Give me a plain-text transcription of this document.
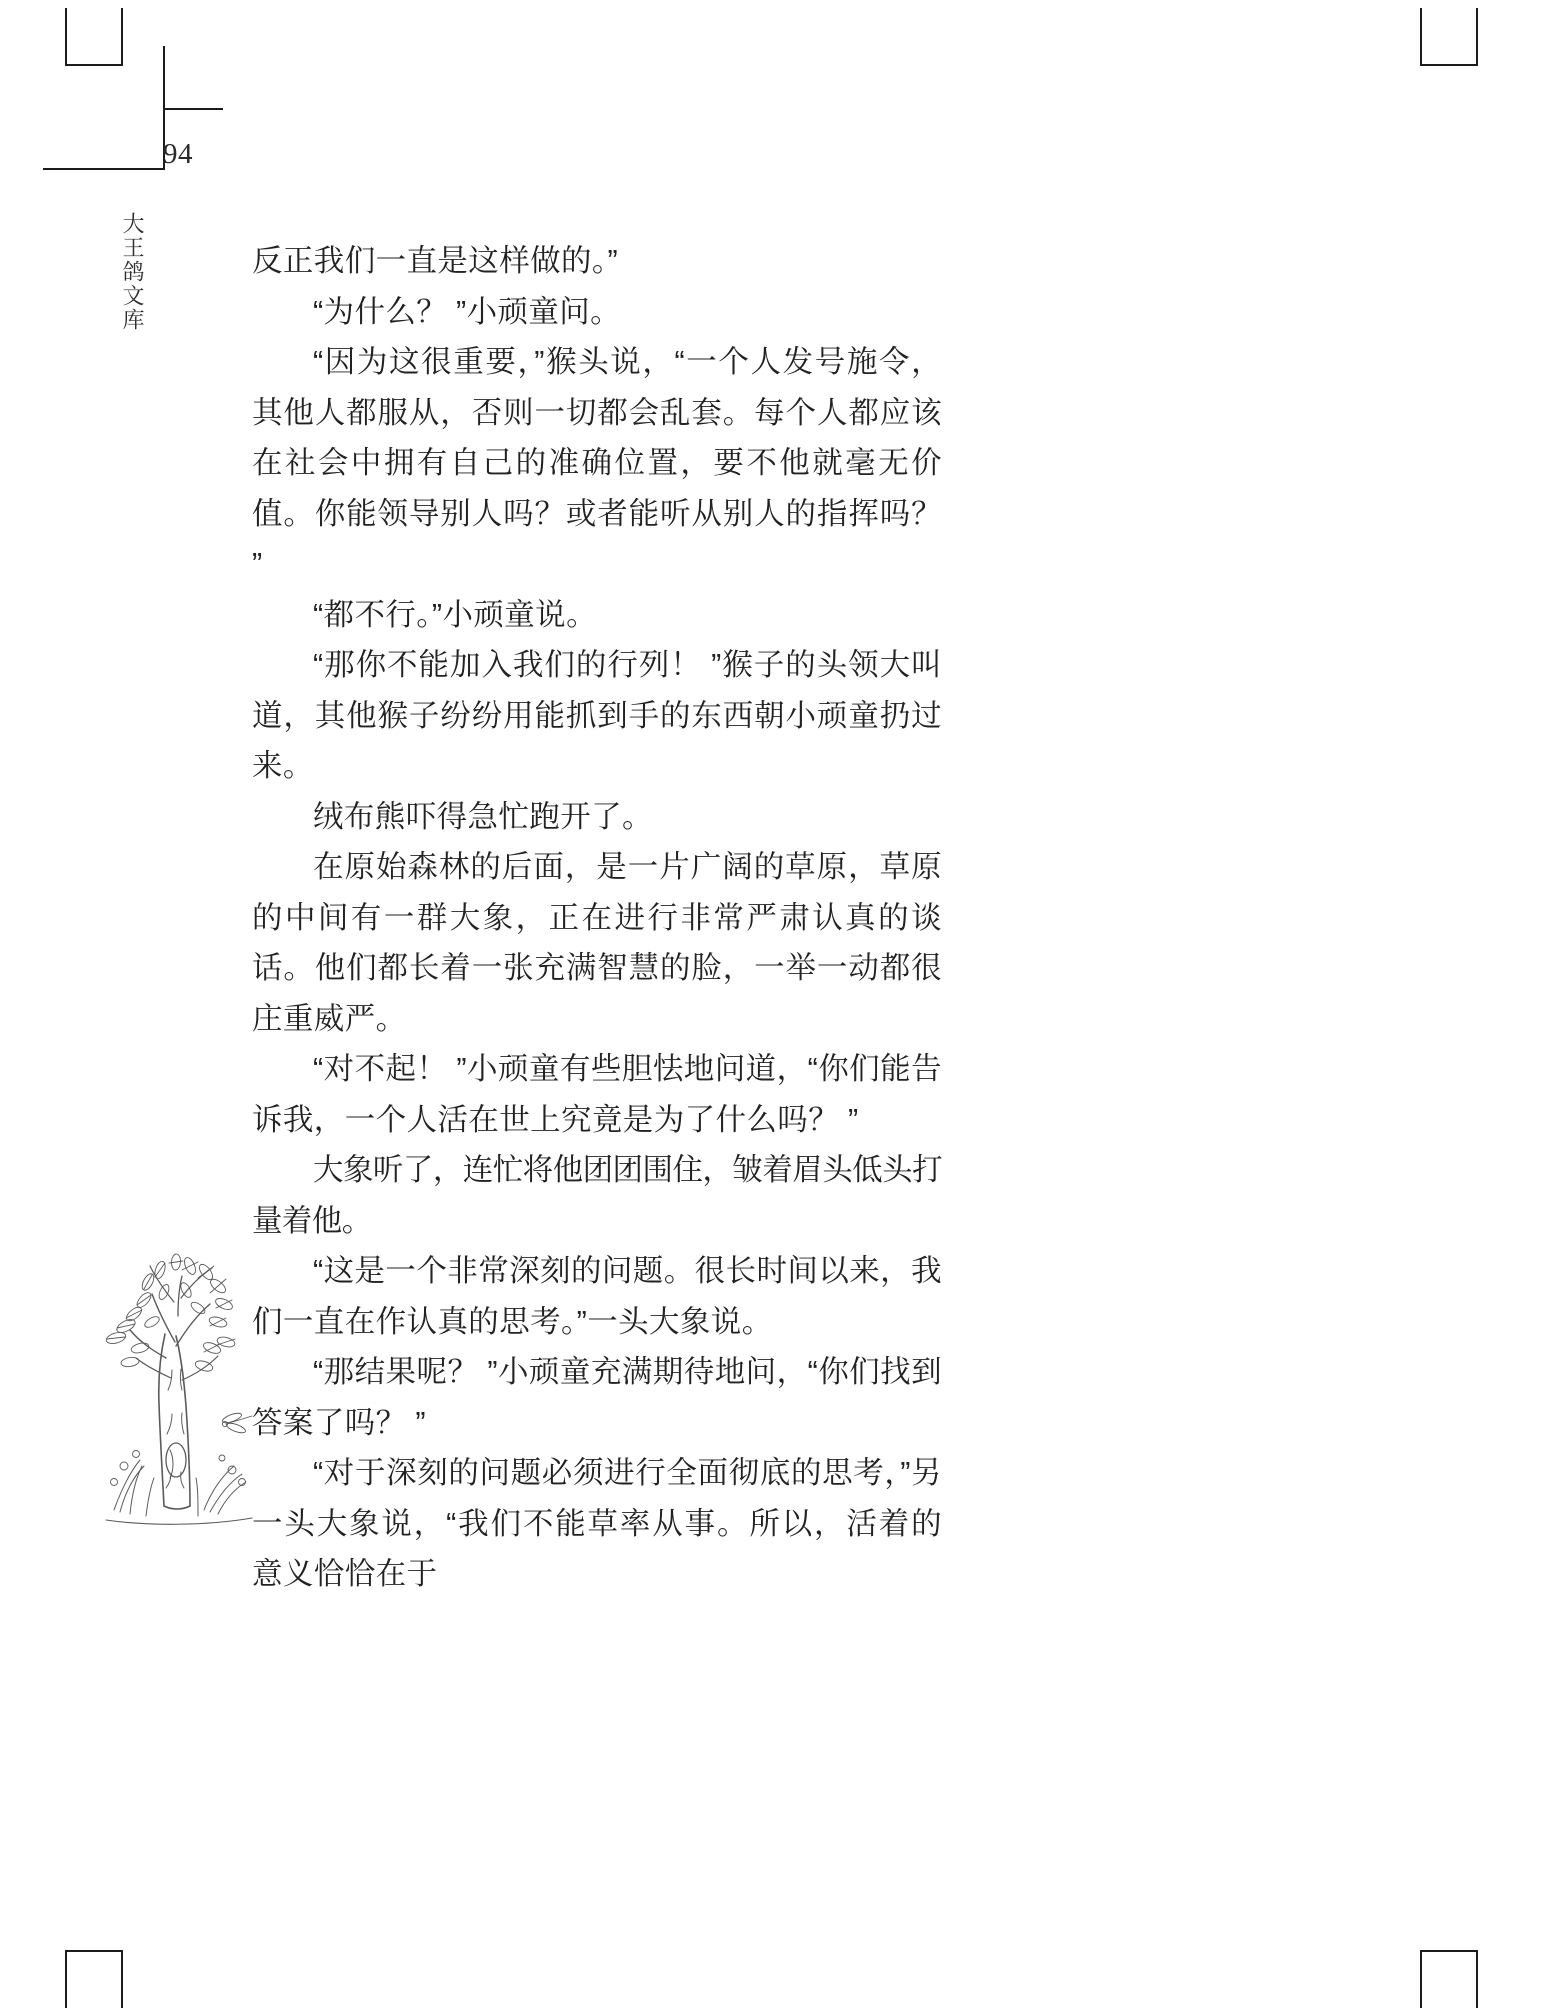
94
大王鸽文库	反正我们一直是这样做的。”

“为什么？ ”小顽童问。

“因为这很重要，”猴头说，“一个人发号施令，其他人都服从，否则一切都会乱套。每个人都应该在社会中拥有自己的准确位置，要不他就毫无价值。你能领导别人吗？或者能听从别人的指挥吗？ ”

“都不行。”小顽童说。

“那你不能加入我们的行列！ ”猴子的头领大叫道，其他猴子纷纷用能抓到手的东西朝小顽童扔过来。

绒布熊吓得急忙跑开了。

在原始森林的后面，是一片广阔的草原，草原的中间有一群大象，正在进行非常严肃认真的谈话。他们都长着一张充满智慧的脸，一举一动都很庄重威严。

“对不起！ ”小顽童有些胆怯地问道，“你们能告诉我，一个人活在世上究竟是为了什么吗？ ”

大象听了，连忙将他团团围住，皱着眉头低头打量着他。

“这是一个非常深刻的问题。很长时间以来，我们一直在作认真的思考。”一头大象说。

“那结果呢？ ”小顽童充满期待地问，“你们找到答案了吗？ ”

“对于深刻的问题必须进行全面彻底的思考，”另一头大象说，“我们不能草率从事。所以，活着的意义恰恰在于
